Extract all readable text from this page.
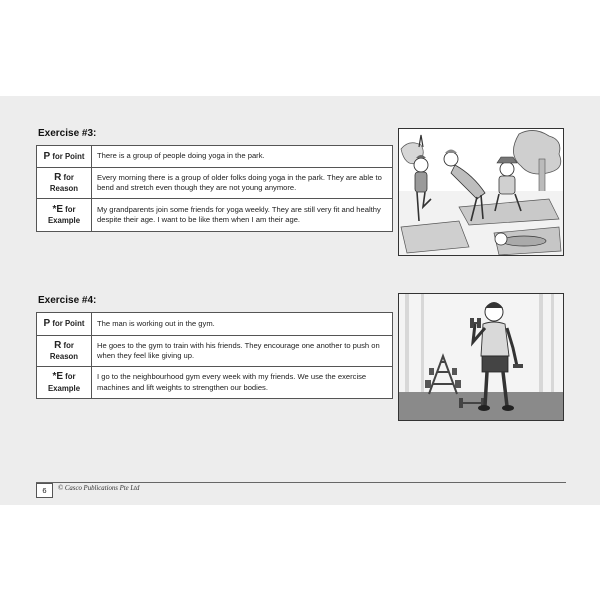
Exercise #3:
P for Point	There is a group of people doing yoga in the park.
R for
Reason	Every morning there is a group of older folks doing yoga in the park. They are able to bend and stretch even though they are not young anymore.
*E for
Example	My grandparents join some friends for yoga weekly. They are still very fit and healthy despite their age. I want to be like them when I am their age.
Exercise #4:
P for Point	The man is working out in the gym.
R for
Reason	He goes to the gym to train with his friends. They encourage one another to push on when they feel like giving up.
*E for
Example	I go to the neighbourhood gym every week with my friends. We use the exercise machines and lift weights to strengthen our bodies.
6	© Casco Publications Pte Ltd
